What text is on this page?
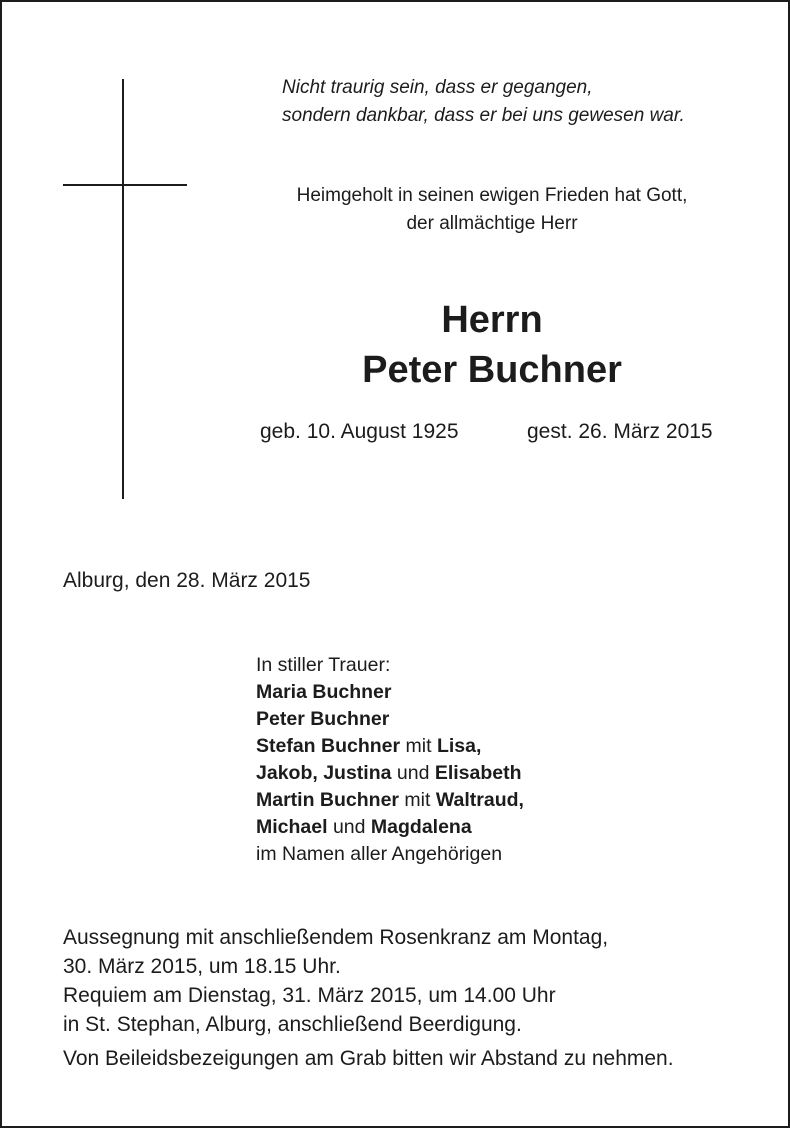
Nicht traurig sein, dass er gegangen,
sondern dankbar, dass er bei uns gewesen war.
Heimgeholt in seinen ewigen Frieden hat Gott,
der allmächtige Herr
Herrn
Peter Buchner
geb. 10. August 1925	gest. 26. März 2015
Alburg, den 28. März 2015
In stiller Trauer:
Maria Buchner
Peter Buchner
Stefan Buchner mit Lisa,
Jakob, Justina und Elisabeth
Martin Buchner mit Waltraud,
Michael und Magdalena
im Namen aller Angehörigen
Aussegnung mit anschließendem Rosenkranz am Montag,
30. März 2015, um 18.15 Uhr.
Requiem am Dienstag, 31. März 2015, um 14.00 Uhr
in St. Stephan, Alburg, anschließend Beerdigung.
Von Beileidsbezeigungen am Grab bitten wir Abstand zu nehmen.
